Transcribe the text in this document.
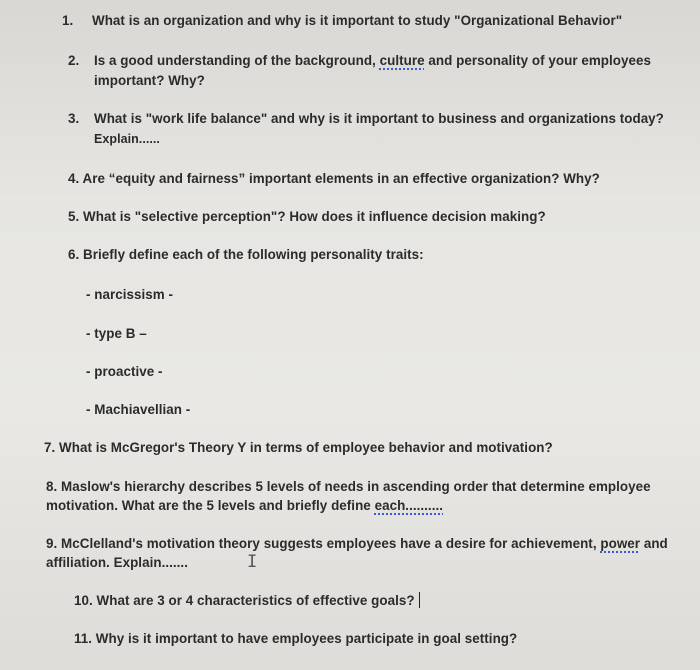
1. What is an organization and why is it important to study "Organizational Behavior"
2. Is a good understanding of the background, culture and personality of your employees
important? Why?
3. What is "work life balance" and why is it important to business and organizations today?
Explain......
4. Are “equity and fairness” important elements in an effective organization? Why?
5. What is "selective perception"? How does it influence decision making?
6. Briefly define each of the following personality traits:
- narcissism -
- type B –
- proactive -
- Machiavellian -
7. What is McGregor's Theory Y in terms of employee behavior and motivation?
8. Maslow's hierarchy describes 5 levels of needs in ascending order that determine employee
motivation. What are the 5 levels and briefly define each..........
9. McClelland's motivation theory suggests employees have a desire for achievement, power and
affiliation. Explain.......	I
10. What are 3 or 4 characteristics of effective goals?
11. Why is it important to have employees participate in goal setting?
